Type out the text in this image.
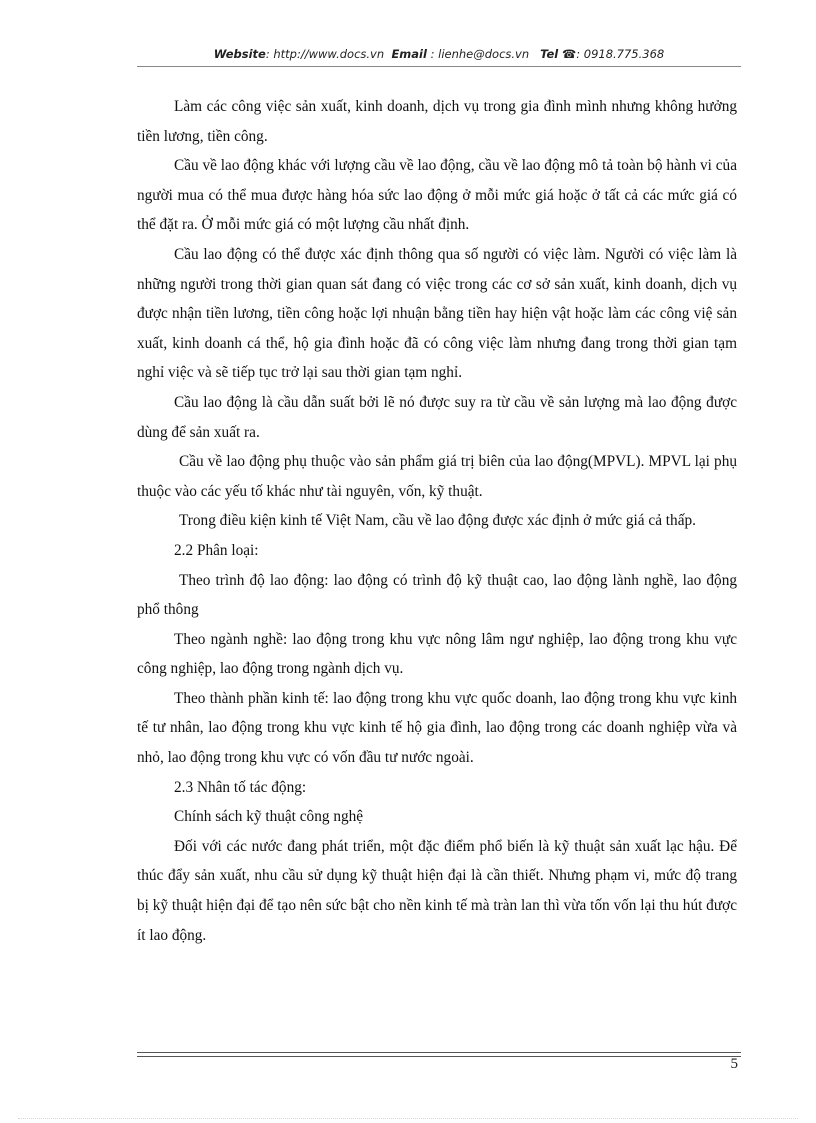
Website: http://www.docs.vn Email : lienhe@docs.vn Tel ☎: 0918.775.368

Làm các công việc sản xuất, kinh doanh, dịch vụ trong gia đình mình nhưng không hưởng tiền lương, tiền công.

Cầu về lao động khác với lượng cầu về lao động, cầu về lao động mô tả toàn bộ hành vi của người mua có thể mua được hàng hóa sức lao động ở mỗi mức giá hoặc ở tất cả các mức giá có thể đặt ra. Ở mỗi mức giá có một lượng cầu nhất định.

Cầu lao động có thể được xác định thông qua số người có việc làm. Người có việc làm là những người trong thời gian quan sát đang có việc trong các cơ sở sản xuất, kinh doanh, dịch vụ được nhận tiền lương, tiền công hoặc lợi nhuận bằng tiền hay hiện vật hoặc làm các công việ sản xuất, kinh doanh cá thể, hộ gia đình hoặc đã có công việc làm nhưng đang trong thời gian tạm nghỉ việc và sẽ tiếp tục trở lại sau thời gian tạm nghỉ.

Cầu lao động là cầu dẫn suất bởi lẽ nó được suy ra từ cầu về sản lượng mà lao động được dùng để sản xuất ra.

Cầu về lao động phụ thuộc vào sản phẩm giá trị biên của lao động(MPVL). MPVL lại phụ thuộc vào các yếu tố khác như tài nguyên, vốn, kỹ thuật.

Trong điều kiện kinh tế Việt Nam, cầu về lao động được xác định ở mức giá cả thấp.

2.2 Phân loại:

Theo trình độ lao động: lao động có trình độ kỹ thuật cao, lao động lành nghề, lao động phổ thông

Theo ngành nghề: lao động trong khu vực nông lâm ngư nghiệp, lao động trong khu vực công nghiệp, lao động trong ngành dịch vụ.

Theo thành phần kinh tế: lao động trong khu vực quốc doanh, lao động trong khu vực kinh tế tư nhân, lao động trong khu vực kinh tế hộ gia đình, lao động trong các doanh nghiệp vừa và nhỏ, lao động trong khu vực có vốn đầu tư nước ngoài.

2.3 Nhân tố tác động:

Chính sách kỹ thuật công nghệ

Đối với các nước đang phát triển, một đặc điểm phổ biến là kỹ thuật sản xuất lạc hậu. Để thúc đẩy sản xuất, nhu cầu sử dụng kỹ thuật hiện đại là cần thiết. Nhưng phạm vi, mức độ trang bị kỹ thuật hiện đại để tạo nên sức bật cho nền kinh tế mà tràn lan thì vừa tốn vốn lại thu hút được ít lao động.

5
